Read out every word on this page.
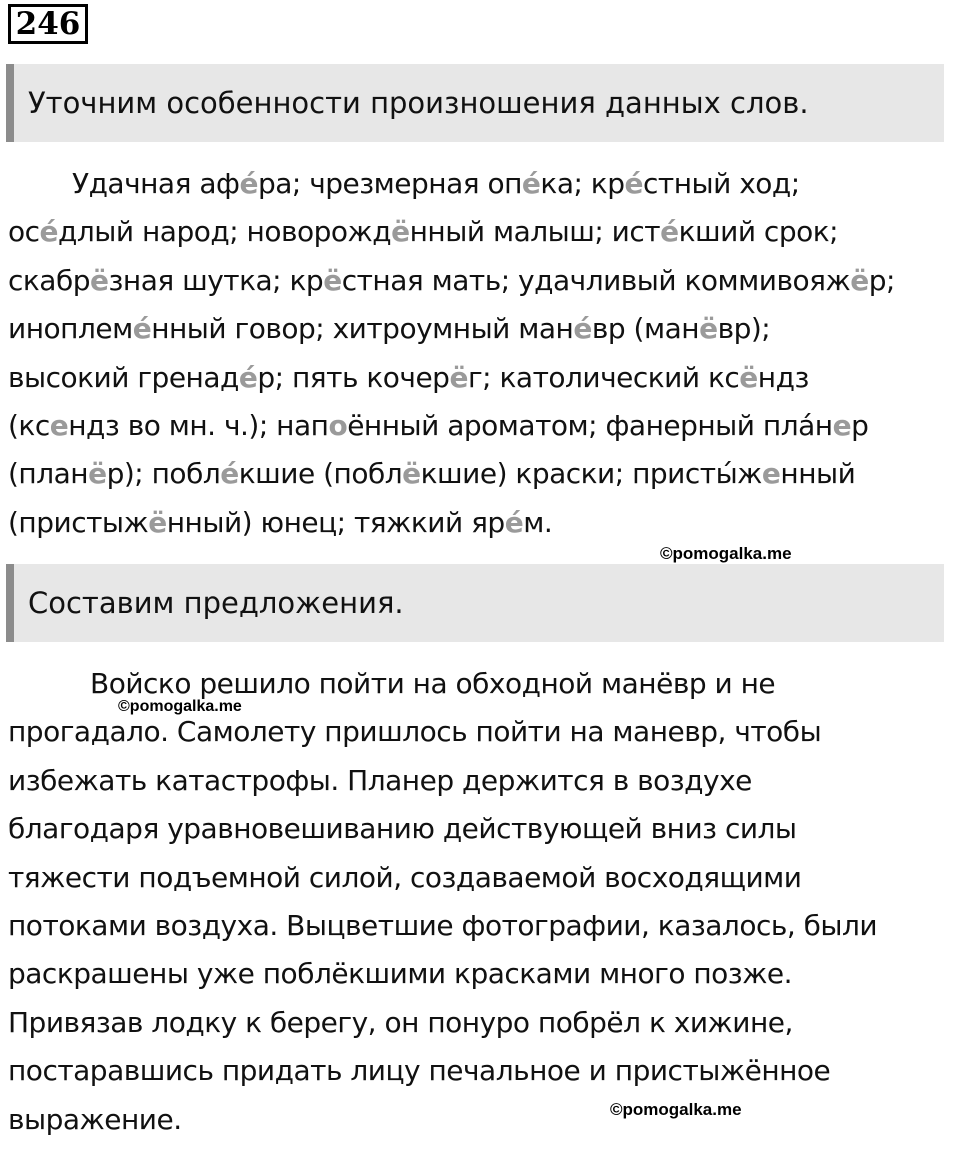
246
Уточним особенности произношения данных слов.
Удачная афе́ра; чрезмерная опе́ка; кре́стный ход;
осе́длый народ; новорождённый малыш; исте́кший срок;
скабрёзная шутка; крёстная мать; удачливый коммивояжёр;
иноплеме́нный говор; хитроумный мане́вр (манёвр);
высокий гренаде́р; пять кочерёг; католический ксёндз
(ксендз во мн. ч.); напоённый ароматом; фанерный пла́нер
(планёр); побле́кшие (поблёкшие) краски; присты́женный
(пристыжённый) юнец; тяжкий яре́м.
©pomogalka.me
Составим предложения.
Войско решило пойти на обходной манёвр и не
прогадало. Самолету пришлось пойти на маневр, чтобы
избежать катастрофы. Планер держится в воздухе
благодаря уравновешиванию действующей вниз силы
тяжести подъемной силой, создаваемой восходящими
потоками воздуха. Выцветшие фотографии, казалось, были
раскрашены уже поблёкшими красками много позже.
Привязав лодку к берегу, он понуро побрёл к хижине,
постаравшись придать лицу печальное и пристыжённое
выражение.
©pomogalka.me
©pomogalka.me
